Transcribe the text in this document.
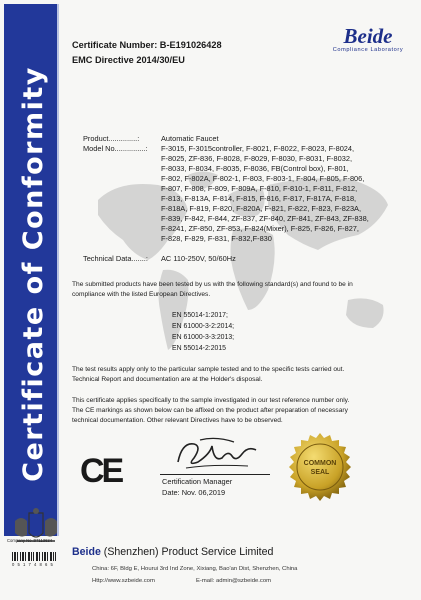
Certificate of Conformity
Certificate Number: B-E191026428
EMC Directive 2014/30/EU
Beide
Compliance Laboratory
Product..............:	Automatic Faucet
Model No...............: F-3015, F-3015controller, F-8021, F-8022, F-8023, F-8024,
F-8025, ZF-836, F-8028, F-8029, F-8030, F-8031, F-8032,
F-8033, F-8034, F-8035, F-8036, FB(Control box), F-801,
F-802, F-802A, F-802-1, F-803, F-803-1, F-804, F-805, F-806,
F-807, F-808, F-809, F-809A, F-810, F-810-1, F-811, F-812,
F-813, F-813A, F-814, F-815, F-816, F-817, F-817A, F-818,
F-818A, F-819, F-820, F-820A, F-821, F-822, F-823, F-823A,
F-839, F-842, F-844, ZF-837, ZF-840, ZF-841, ZF-843, ZF-838,
F-8241, ZF-850, ZF-853, F-824(Mixer), F-825, F-826, F-827,
F-828, F-829, F-831, F-832,F-830
Technical Data.......: AC 110-250V, 50/60Hz
The submitted products have been tested by us with the following standard(s) and found to be in
compliance with the listed European Directives.
EN 55014-1:2017;
EN 61000-3-2:2014;
EN 61000-3-3:2013;
EN 55014-2:2015
The test results apply only to the particular sample tested and to the specific tests carried out.
Technical Report and documentation are at the Holder's disposal.
This certificate applies specifically to the sample investigated in our test reference number only.
The CE markings as shown below can be affixed on the product after preparation of necessary
technical documentation. Other relevant Directives have to be observed.
CE	Certification Manager
Date: Nov. 06,2019
COMMON
SEAL
Company No.:07113634
0 5 1 7 4 8 6 5
Beide (Shenzhen) Product Service Limited
China: 6F, Bldg E, Hourui 3rd Ind Zone, Xixiang, Bao'an Dist, Shenzhen, China
Http://www.szbeide.com	E-mail: admin@szbeide.com
